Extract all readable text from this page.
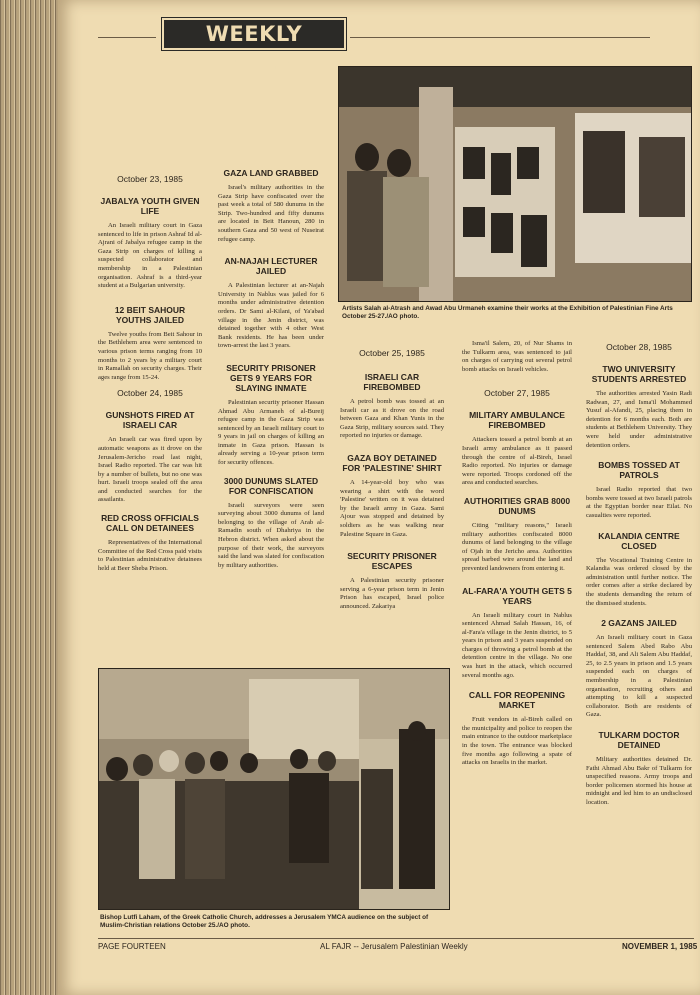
WEEKLY REVIEW
Artists Salah al-Atrash and Awad Abu Urmaneh examine their works at the Exhibition of Palestinian Fine Arts October 25-27./AO photo.
October 23, 1985
JABALYA YOUTH GIVEN LIFE
An Israeli military court in Gaza sentenced to life in prison Ashraf Id al-Ajrani of Jabalya refugee camp in the Gaza Strip on charges of killing a suspected collaborator and membership in a Palestinian organisation. Ashraf is a third-year student at a Bulgarian university.
12 BEIT SAHOUR YOUTHS JAILED
Twelve youths from Beit Sahour in the Bethlehem area were sentenced to various prison terms ranging from 10 months to 2 years by a military court in Ramallah on security charges. Their ages range from 15-24.
October 24, 1985
GUNSHOTS FIRED AT ISRAELI CAR
An Israeli car was fired upon by automatic weapons as it drove on the Jerusalem-Jericho road last night, Israel Radio reported. The car was hit by a number of bullets, but no one was hurt. Israeli troops sealed off the area and conducted searches for the assailants.
RED CROSS OFFICIALS CALL ON DETAINEES
Representatives of the International Committee of the Red Cross paid visits to Palestinian administrative detainees held at Beer Sheba Prison.
GAZA LAND GRABBED
Israel's military authorities in the Gaza Strip have confiscated over the past week a total of 580 dunums in the Strip. Two-hundred and fifty dunums are located in Beit Hanoun, 280 in southern Gaza and 50 west of Nuseirat refugee camp.
AN-NAJAH LECTURER JAILED
A Palestinian lecturer at an-Najah University in Nablus was jailed for 6 months under administrative detention orders. Dr Sami al-Kilani, of Ya'abad village in the Jenin district, was detained together with 4 other West Bank residents. He has been under town-arrest the last 3 years.
SECURITY PRISONER GETS 9 YEARS FOR SLAYING INMATE
Palestinian security prisoner Hassan Ahmad Abu Armaneh of al-Bureij refugee camp in the Gaza Strip was sentenced by an Israeli military court to 9 years in jail on charges of killing an inmate in Gaza prison. Hassan is already serving a 10-year prison term for security offences.
3000 DUNUMS SLATED FOR CONFISCATION
Israeli surveyors were seen surveying about 3000 dunums of land belonging to the village of Arab al-Ramadin south of Dhahriya in the Hebron district. When asked about the purpose of their work, the surveyors said the land was slated for confiscation by military authorities.
October 25, 1985
ISRAELI CAR FIREBOMBED
A petrol bomb was tossed at an Israeli car as it drove on the road between Gaza and Khan Yunis in the Gaza Strip, military sources said. They reported no injuries or damage.
GAZA BOY DETAINED FOR 'PALESTINE' SHIRT
A 14-year-old boy who was wearing a shirt with the word 'Palestine' written on it was detained by the Israeli army in Gaza. Sami Ajour was stopped and detained by soldiers as he was walking near Palestine Square in Gaza.
SECURITY PRISONER ESCAPES
A Palestinian security prisoner serving a 6-year prison term in Jenin Prison has escaped, Israel police announced. Zakariya
Isma'il Salem, 20, of Nur Shams in the Tulkarm area, was sentenced to jail on charges of carrying out several petrol bomb attacks on Israeli vehicles.
October 27, 1985
MILITARY AMBULANCE FIREBOMBED
Attackers tossed a petrol bomb at an Israeli army ambulance as it passed through the centre of al-Bireh, Israel Radio reported. No injuries or damage were reported. Troops cordoned off the area and conducted searches.
AUTHORITIES GRAB 8000 DUNUMS
Citing "military reasons," Israeli military authorities confiscated 8000 dunums of land belonging to the village of Ojah in the Jericho area. Authorities spread barbed wire around the land and prevented landowners from entering it.
AL-FARA'A YOUTH GETS 5 YEARS
An Israeli military court in Nablus sentenced Ahmad Salah Hassan, 16, of al-Fara'a village in the Jenin district, to 5 years in prison and 3 years suspended on charges of throwing a petrol bomb at the detention centre in the village. No one was hurt in the attack, which occurred several months ago.
CALL FOR REOPENING MARKET
Fruit vendors in al-Bireh called on the municipality and police to reopen the main entrance to the outdoor marketplace in the town. The entrance was blocked five months ago following a spate of attacks on Israelis in the market.
October 28, 1985
TWO UNIVERSITY STUDENTS ARRESTED
The authorities arrested Yasin Radi Radwan, 27, and Isma'il Mohammed Yusuf al-Afandi, 25, placing them in detention for 6 months each. Both are students at Bethlehem University. They were held under administrative detention orders.
BOMBS TOSSED AT PATROLS
Israel Radio reported that two bombs were tossed at two Israeli patrols at the Egyptian border near Eilat. No casualties were reported.
KALANDIA CENTRE CLOSED
The Vocational Training Centre in Kalandia was ordered closed by the administration until further notice. The order comes after a strike declared by the students demanding the return of the dismissed students.
2 GAZANS JAILED
An Israeli military court in Gaza sentenced Salem Abed Rabo Abu Haddaf, 38, and Ali Salem Abu Haddaf, 25, to 2.5 years in prison and 1.5 years suspended each on charges of membership in a Palestinian organisation, recruiting others and attempting to kill a suspected collaborator. Both are residents of Gaza.
TULKARM DOCTOR DETAINED
Military authorities detained Dr. Fathi Ahmad Abu Bakr of Tulkarm for unspecified reasons. Army troops and border policemen stormed his house at midnight and led him to an undisclosed location.
Bishop Lutfi Laham, of the Greek Catholic Church, addresses a Jerusalem YMCA audience on the subject of Muslim-Christian relations October 25./AO photo.
PAGE FOURTEEN	AL FAJR -- Jerusalem Palestinian Weekly	NOVEMBER 1, 1985
